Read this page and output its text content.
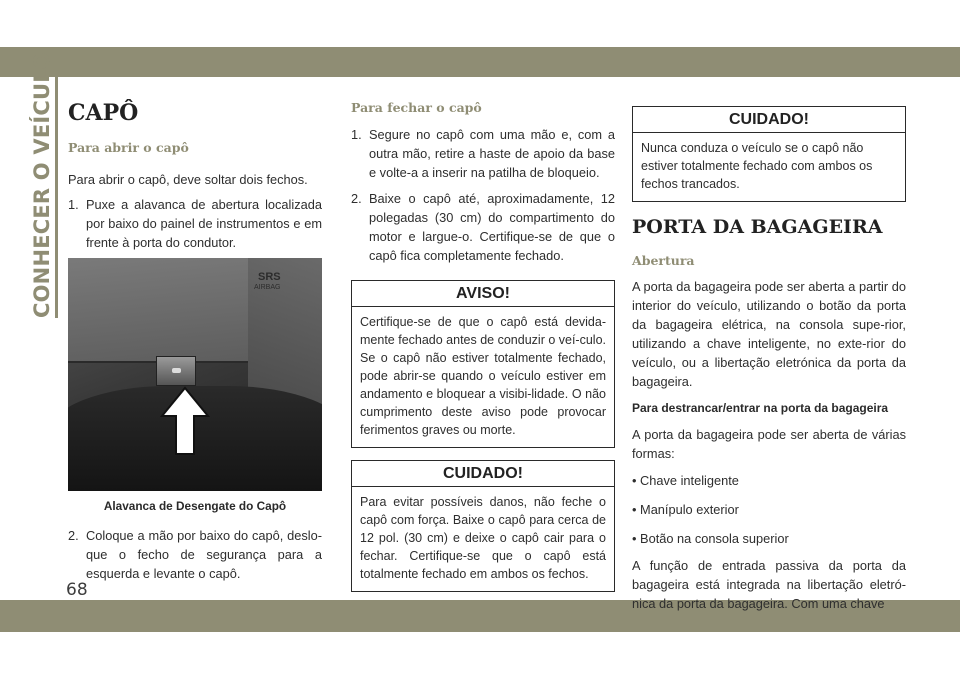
CONHECER O VEÍCULO
68
CAPÔ
Para abrir o capô

Para abrir o capô, deve soltar dois fechos.

1. Puxe a alavanca de abertura localizada por baixo do painel de instrumentos e em frente à porta do condutor.
SRS
AIRBAG
Alavanca de Desengate do Capô
2. Coloque a mão por baixo do capô, deslo-que o fecho de segurança para a esquerda e levante o capô.
Para fechar o capô
1. Segure no capô com uma mão e, com a outra mão, retire a haste de apoio da base e volte-a a inserir na patilha de bloqueio.
2. Baixe o capô até, aproximadamente, 12 polegadas (30 cm) do compartimento do motor e largue-o. Certifique-se de que o capô fica completamente fechado.
AVISO!

Certifique-se de que o capô está devida-mente fechado antes de conduzir o veí-culo. Se o capô não estiver totalmente fechado, pode abrir-se quando o veículo estiver em andamento e bloquear a visibi-lidade. O não cumprimento deste aviso pode provocar ferimentos graves ou morte.

CUIDADO!

Para evitar possíveis danos, não feche o capô com força. Baixe o capô para cerca de 12 pol. (30 cm) e deixe o capô cair para o fechar. Certifique-se que o capô está totalmente fechado em ambos os fechos.

CUIDADO!

Nunca conduza o veículo se o capô não estiver totalmente fechado com ambos os fechos trancados.

PORTA DA BAGAGEIRA
Abertura

A porta da bagageira pode ser aberta a partir do interior do veículo, utilizando o botão da porta da bagageira elétrica, na consola supe-rior, utilizando a chave inteligente, no exte-rior do veículo, ou a libertação eletrónica da porta da bagageira.

Para destrancar/entrar na porta da bagageira

A porta da bagageira pode ser aberta de várias formas:

• Chave inteligente
• Manípulo exterior
• Botão na consola superior

A função de entrada passiva da porta da bagageira está integrada na libertação eletró-nica da porta da bagageira. Com uma chave
